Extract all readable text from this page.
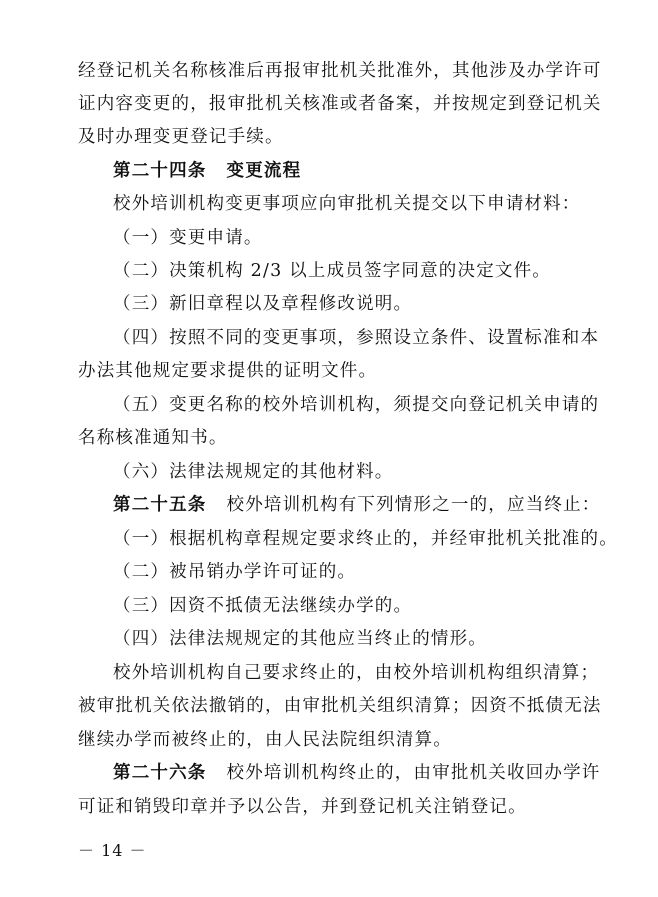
经登记机关名称核准后再报审批机关批准外，其他涉及办学许可
证内容变更的，报审批机关核准或者备案，并按规定到登记机关
及时办理变更登记手续。
第二十四条 变更流程
校外培训机构变更事项应向审批机关提交以下申请材料：
（一）变更申请。
（二）决策机构 2/3 以上成员签字同意的决定文件。
（三）新旧章程以及章程修改说明。
（四）按照不同的变更事项，参照设立条件、设置标准和本
办法其他规定要求提供的证明文件。
（五）变更名称的校外培训机构，须提交向登记机关申请的
名称核准通知书。
（六）法律法规规定的其他材料。
第二十五条 校外培训机构有下列情形之一的，应当终止：
（一）根据机构章程规定要求终止的，并经审批机关批准的。
（二）被吊销办学许可证的。
（三）因资不抵债无法继续办学的。
（四）法律法规规定的其他应当终止的情形。
校外培训机构自己要求终止的，由校外培训机构组织清算；
被审批机关依法撤销的，由审批机关组织清算；因资不抵债无法
继续办学而被终止的，由人民法院组织清算。
第二十六条 校外培训机构终止的，由审批机关收回办学许
可证和销毁印章并予以公告，并到登记机关注销登记。
－ 14 －
